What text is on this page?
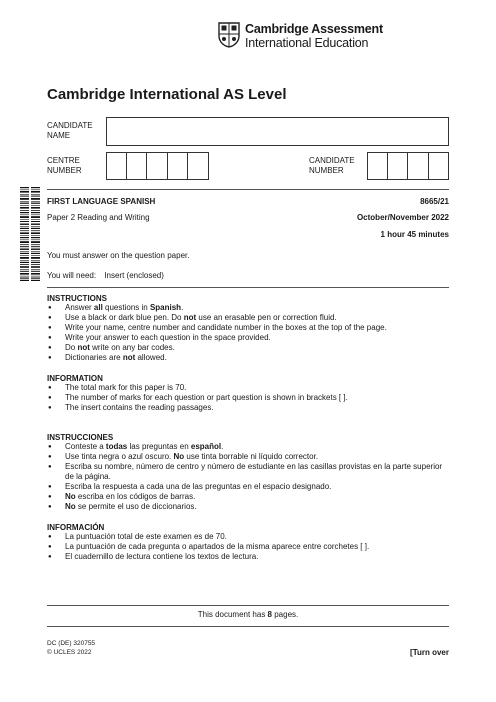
Cambridge Assessment
International Education
Cambridge International AS Level
CANDIDATE
NAME
CENTRE
NUMBER
CANDIDATE
NUMBER
FIRST LANGUAGE SPANISH	8665/21
Paper 2 Reading and Writing	October/November 2022
1 hour 45 minutes
You must answer on the question paper.
You will need: Insert (enclosed)
INSTRUCTIONS
● Answer all questions in Spanish.
● Use a black or dark blue pen. Do not use an erasable pen or correction fluid.
● Write your name, centre number and candidate number in the boxes at the top of the page.
● Write your answer to each question in the space provided.
● Do not write on any bar codes.
● Dictionaries are not allowed.
INFORMATION
● The total mark for this paper is 70.
● The number of marks for each question or part question is shown in brackets [ ].
● The insert contains the reading passages.
INSTRUCCIONES
● Conteste a todas las preguntas en español.
● Use tinta negra o azul oscuro. No use tinta borrable ni líquido corrector.
● Escriba su nombre, número de centro y número de estudiante en las casillas provistas en la parte superior de la página.
● Escriba la respuesta a cada una de las preguntas en el espacio designado.
● No escriba en los códigos de barras.
● No se permite el uso de diccionarios.
INFORMACIÓN
● La puntuación total de este examen es de 70.
● La puntuación de cada pregunta o apartados de la misma aparece entre corchetes [ ].
● El cuadernillo de lectura contiene los textos de lectura.
This document has 8 pages.
DC (DE) 320755
© UCLES 2022	[Turn over
